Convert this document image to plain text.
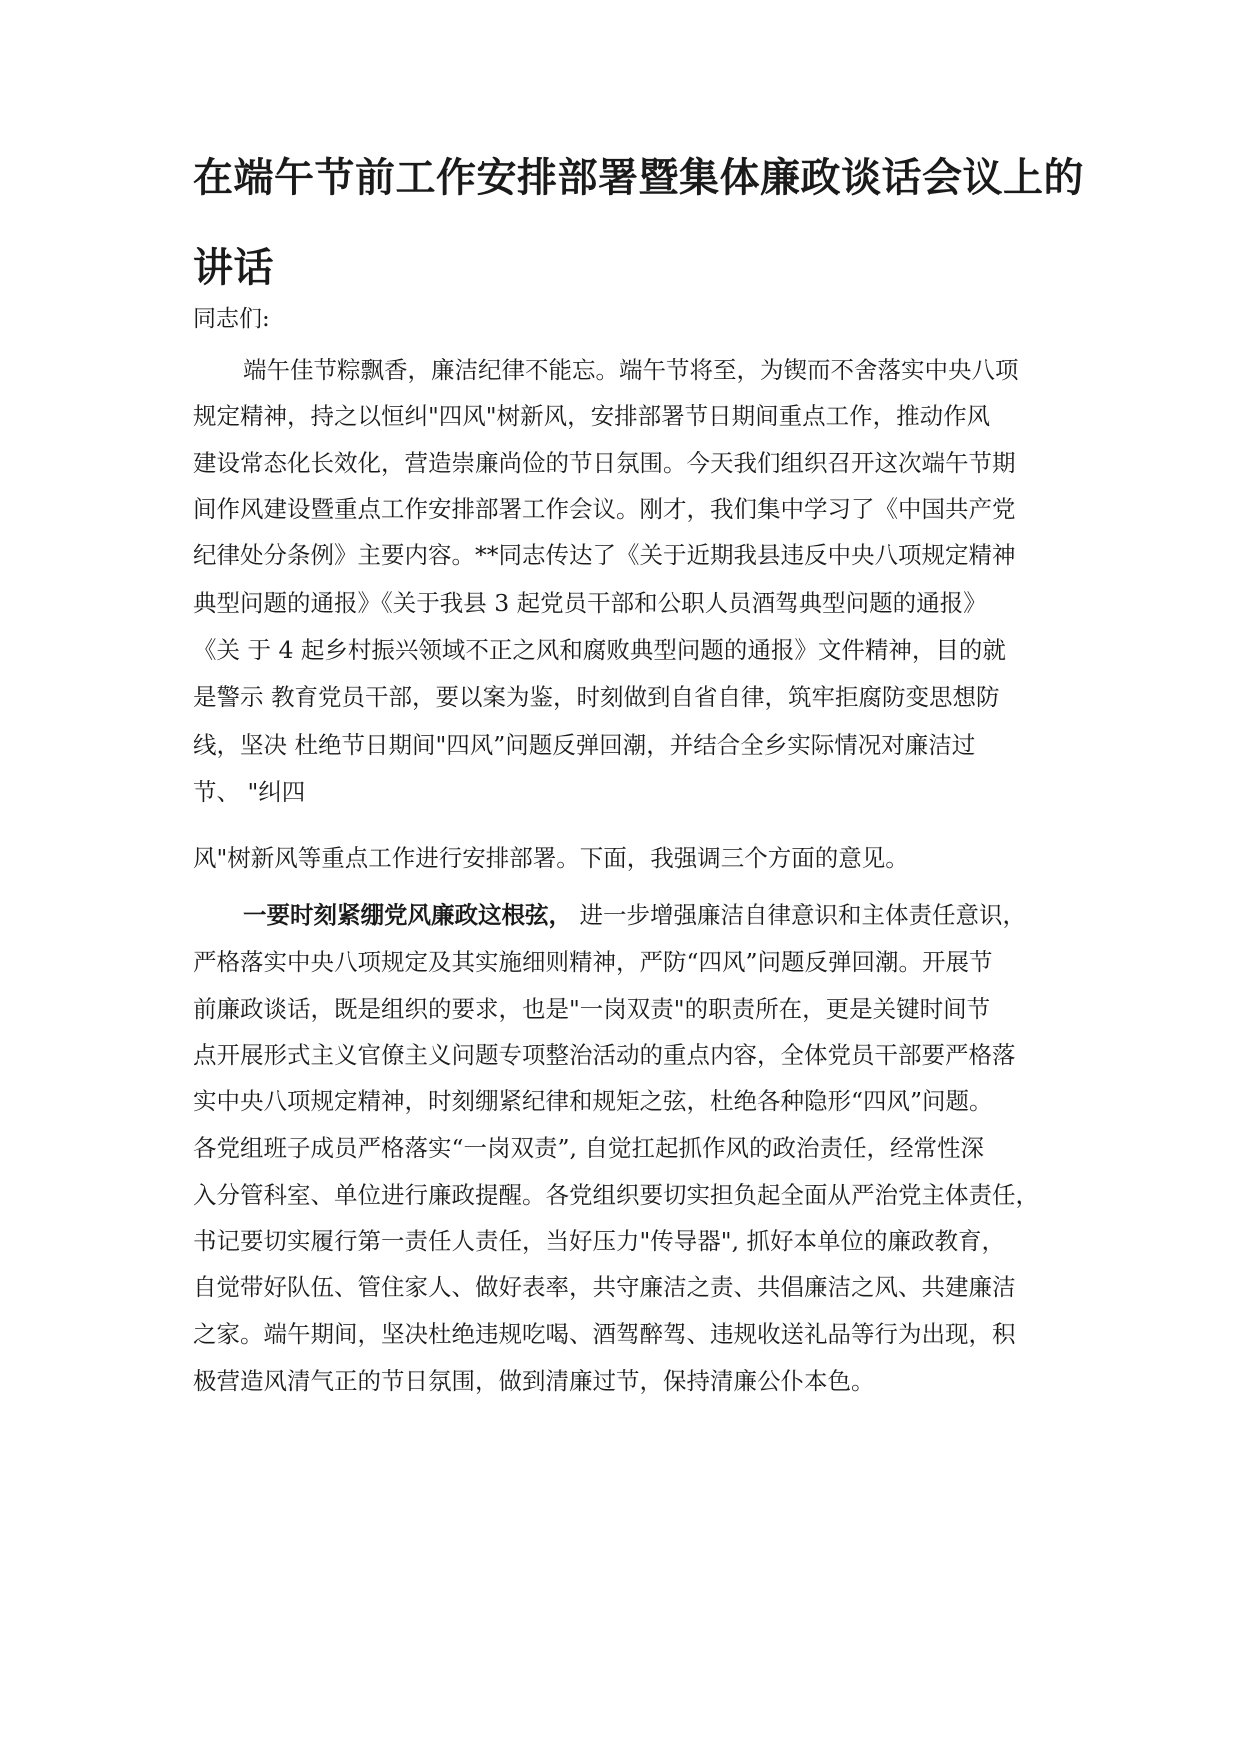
在端午节前工作安排部署暨集体廉政谈话会议上的
讲话

同志们:

端午佳节粽飘香，廉洁纪律不能忘。端午节将至，为锲而不舍落实中央八项

规定精神，持之以恒纠"四风"树新风，安排部署节日期间重点工作，推动作风

建设常态化长效化，营造崇廉尚俭的节日氛围。今天我们组织召开这次端午节期

间作风建设暨重点工作安排部署工作会议。刚才，我们集中学习了《中国共产党

纪律处分条例》主要内容。**同志传达了《关于近期我县违反中央八项规定精神

典型问题的通报》《关于我县 3 起党员干部和公职人员酒驾典型问题的通报》

《关 于 4 起乡村振兴领域不正之风和腐败典型问题的通报》文件精神，目的就

是警示 教育党员干部，要以案为鉴，时刻做到自省自律，筑牢拒腐防变思想防

线，坚决 杜绝节日期间"四风”问题反弹回潮，并结合全乡实际情况对廉洁过

节、 "纠四

风"树新风等重点工作进行安排部署。下面，我强调三个方面的意见。

一要时刻紧绷党风廉政这根弦， 进一步增强廉洁自律意识和主体责任意识，

严格落实中央八项规定及其实施细则精神，严防“四风”问题反弹回潮。开展节

前廉政谈话，既是组织的要求，也是"一岗双责"的职责所在，更是关键时间节

点开展形式主义官僚主义问题专项整治活动的重点内容，全体党员干部要严格落

实中央八项规定精神，时刻绷紧纪律和规矩之弦，杜绝各种隐形“四风”问题。

各党组班子成员严格落实“一岗双责”, 自觉扛起抓作风的政治责任，经常性深

入分管科室、单位进行廉政提醒。各党组织要切实担负起全面从严治党主体责任，

书记要切实履行第一责任人责任，当好压力"传导器", 抓好本单位的廉政教育，

自觉带好队伍、管住家人、做好表率，共守廉洁之责、共倡廉洁之风、共建廉洁

之家。端午期间，坚决杜绝违规吃喝、酒驾醉驾、违规收送礼品等行为出现，积

极营造风清气正的节日氛围，做到清廉过节，保持清廉公仆本色。
